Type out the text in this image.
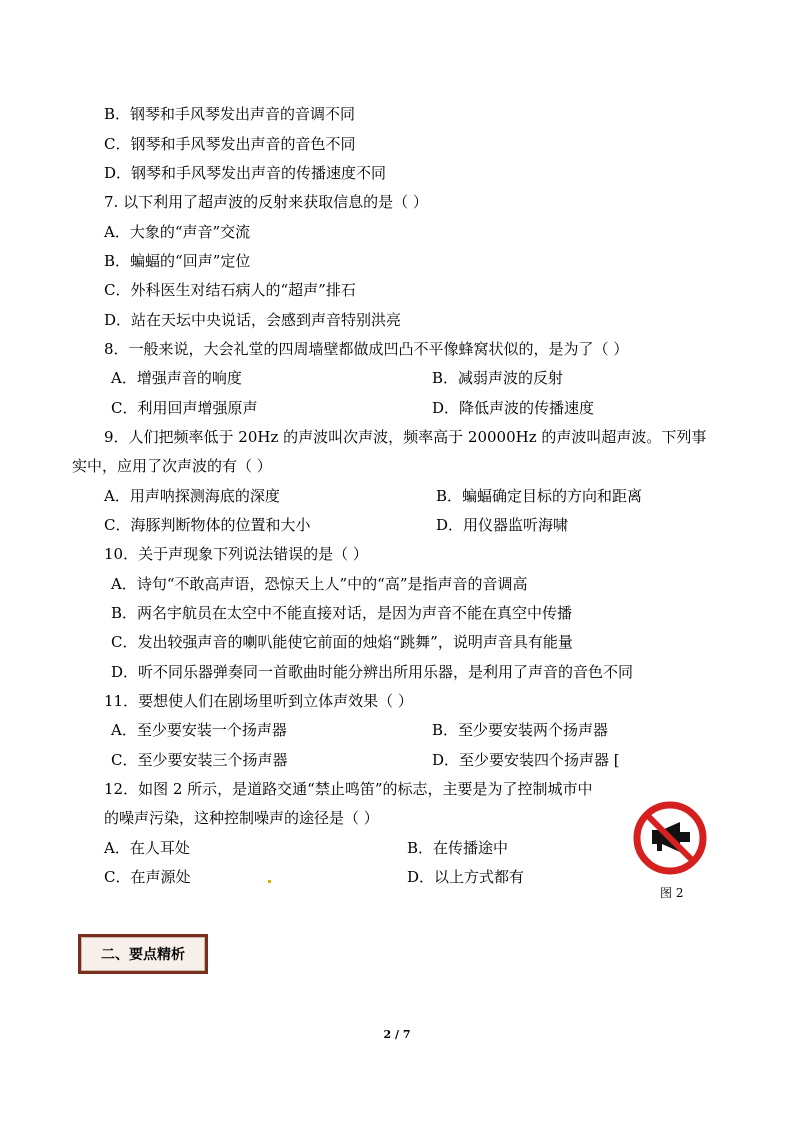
B．钢琴和手风琴发出声音的音调不同
C．钢琴和手风琴发出声音的音色不同
D．钢琴和手风琴发出声音的传播速度不同
7. 以下利用了超声波的反射来获取信息的是（ ）
A．大象的“声音”交流
B．蝙蝠的“回声”定位
C．外科医生对结石病人的“超声”排石
D．站在天坛中央说话，会感到声音特别洪亮
8．一般来说，大会礼堂的四周墙壁都做成凹凸不平像蜂窝状似的，是为了（ ）
A．增强声音的响度	B．减弱声波的反射
C．利用回声增强原声	D．降低声波的传播速度
9．人们把频率低于 20Hz 的声波叫次声波，频率高于 20000Hz 的声波叫超声波。下列事
实中，应用了次声波的有（ ）
A．用声呐探测海底的深度	B．蝙蝠确定目标的方向和距离
C．海豚判断物体的位置和大小	D．用仪器监听海啸
10．关于声现象下列说法错误的是（ ）
A．诗句“不敢高声语，恐惊天上人”中的“高”是指声音的音调高
B．两名宇航员在太空中不能直接对话，是因为声音不能在真空中传播
C．发出较强声音的喇叭能使它前面的烛焰“跳舞”，说明声音具有能量
D．听不同乐器弹奏同一首歌曲时能分辨出所用乐器，是利用了声音的音色不同
11．要想使人们在剧场里听到立体声效果（ ）
A．至少要安装一个扬声器	B．至少要安装两个扬声器
C．至少要安装三个扬声器	D．至少要安装四个扬声器 [
12．如图 2 所示，是道路交通“禁止鸣笛”的标志，主要是为了控制城市中
的噪声污染，这种控制噪声的途径是（ ）
A．在人耳处	B．在传播途中
C．在声源处	D．以上方式都有
图 2
二、要点精析
2 / 7
